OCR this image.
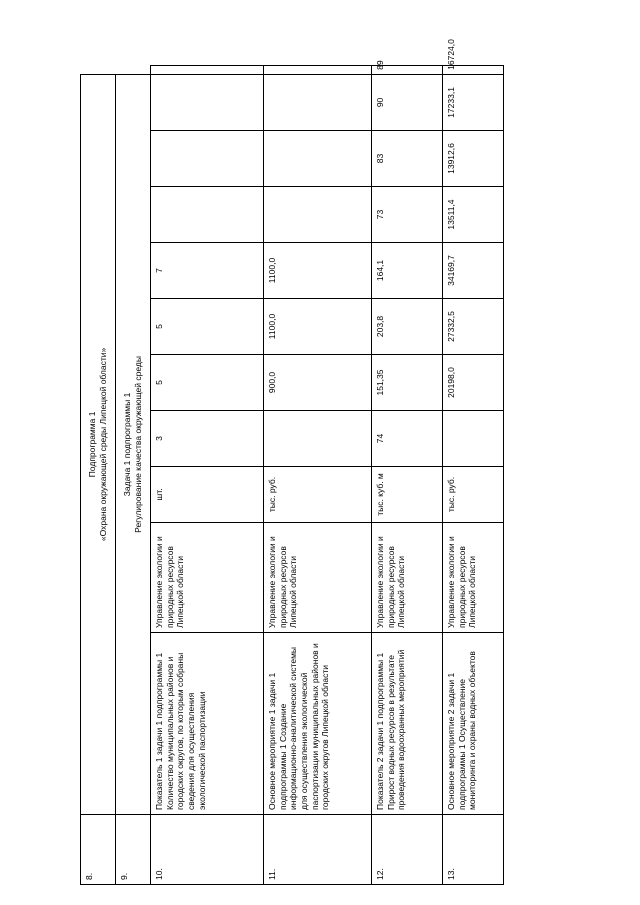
8.	Подпрограмма 1 «Охрана окружающей среды Липецкой области»										

9.	Задача 1 подпрограммы 1 Регулирование качества окружающей среды										

10.	Показатель 1 задачи 1 подпрограммы 1 Количество муниципальных районов и городских округов, по которым собраны сведения для осуществления экологической паспортизации	Управление экологии и природных ресурсов Липецкой области	шт.	3	5	5	7				
11.	Основное мероприятие 1 задачи 1 подпрограммы 1 Создание информационно-аналитической системы для осуществления экологической паспортизации муниципальных районов и городских округов Липецкой области	Управление экологии и природных ресурсов Липецкой области	тыс. руб.		900,0	1100,0	1100,0				
12.	Показатель 2 задачи 1 подпрограммы 1 Прирост водных ресурсов в результате проведения водоохранных мероприятий	Управление экологии и природных ресурсов Липецкой области	тыс. куб. м	74	151,35	203,8	164,1	73	83	90	89
13.	Основное мероприятие 2 задачи 1 подпрограммы 1 Осуществление мониторинга и охраны водных объектов	Управление экологии и природных ресурсов Липецкой области	тыс. руб.		20198,0	27332,5	34169,7	13511,4	13912,6	17233,1	16724,0
